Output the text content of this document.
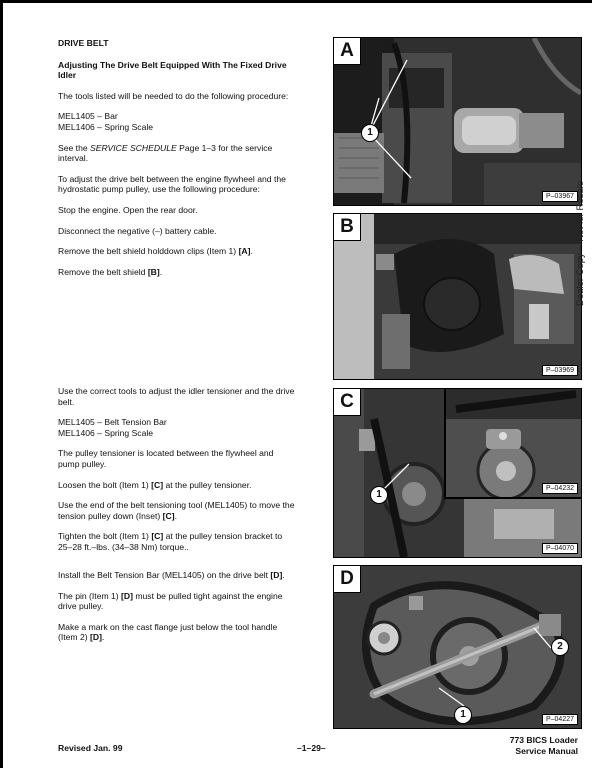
DRIVE BELT

Adjusting The Drive Belt Equipped With The Fixed Drive Idler

The tools listed will be needed to do the following procedure:

MEL1405 – Bar
MEL1406 – Spring Scale

See the SERVICE SCHEDULE Page 1–3 for the service interval.

To adjust the drive belt between the engine flywheel and the hydrostatic pump pulley, use the following procedure:

Stop the engine. Open the rear door.

Disconnect the negative (–) battery cable.

Remove the belt shield holddown clips (Item 1) [A].

Remove the belt shield [B].

Use the correct tools to adjust the idler tensioner and the drive belt.

MEL1405 – Belt Tension Bar
MEL1406 – Spring Scale

The pulley tensioner is located between the flywheel and pump pulley.

Loosen the bolt (Item 1) [C] at the pulley tensioner.

Use the end of the belt tensioning tool (MEL1405) to move the tension pulley down (Inset) [C].

Tighten the bolt (Item 1) [C] at the pulley tension bracket to 25–28 ft.–lbs. (34–38 Nm) torque..

Install the Belt Tension Bar (MEL1405) on the drive belt [D].

The pin (Item 1) [D] must be pulled tight against the engine drive pulley.

Make a mark on the cast flange just below the tool handle (Item 2) [D].

A
1
P–03967
B
P–03969
C
1
P–04232
P–04070
D
1
2
P–04227
Dealer Copy -- Not for Resale
Revised Jan. 99	–1–29–
773 BICS Loader
Service Manual
